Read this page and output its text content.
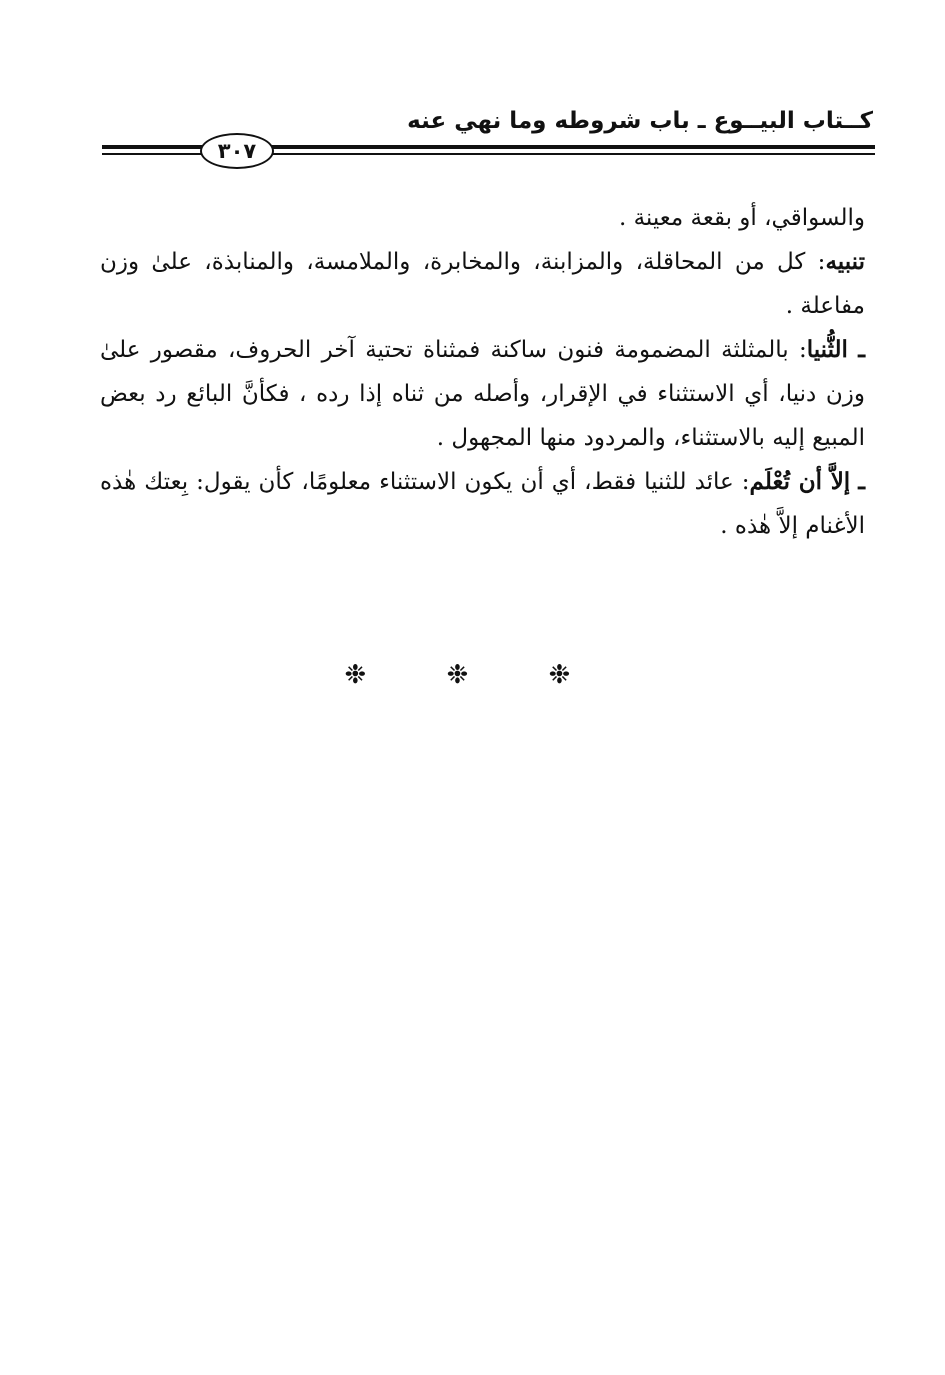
كــتاب البيــوع ـ باب شروطه وما نهي عنه
٣٠٧

والسواقي، أو بقعة معينة .

تنبيه: كل من المحاقلة، والمزابنة، والمخابرة، والملامسة، والمنابذة، علىٰ وزن مفاعلة .

ـ الثُّنيا: بالمثلثة المضمومة فنون ساكنة فمثناة تحتية آخر الحروف، مقصور علىٰ وزن دنيا، أي الاستثناء في الإقرار، وأصله من ثناه إذا رده ، فكأنَّ البائع رد بعض المبيع إليه بالاستثناء، والمردود منها المجهول .

ـ إلاَّ أن تُعْلَم: عائد للثنيا فقط، أي أن يكون الاستثناء معلومًا، كأن يقول: بِعتك هٰذه الأغنام إلاَّ هٰذه .

❉ ❉ ❉
